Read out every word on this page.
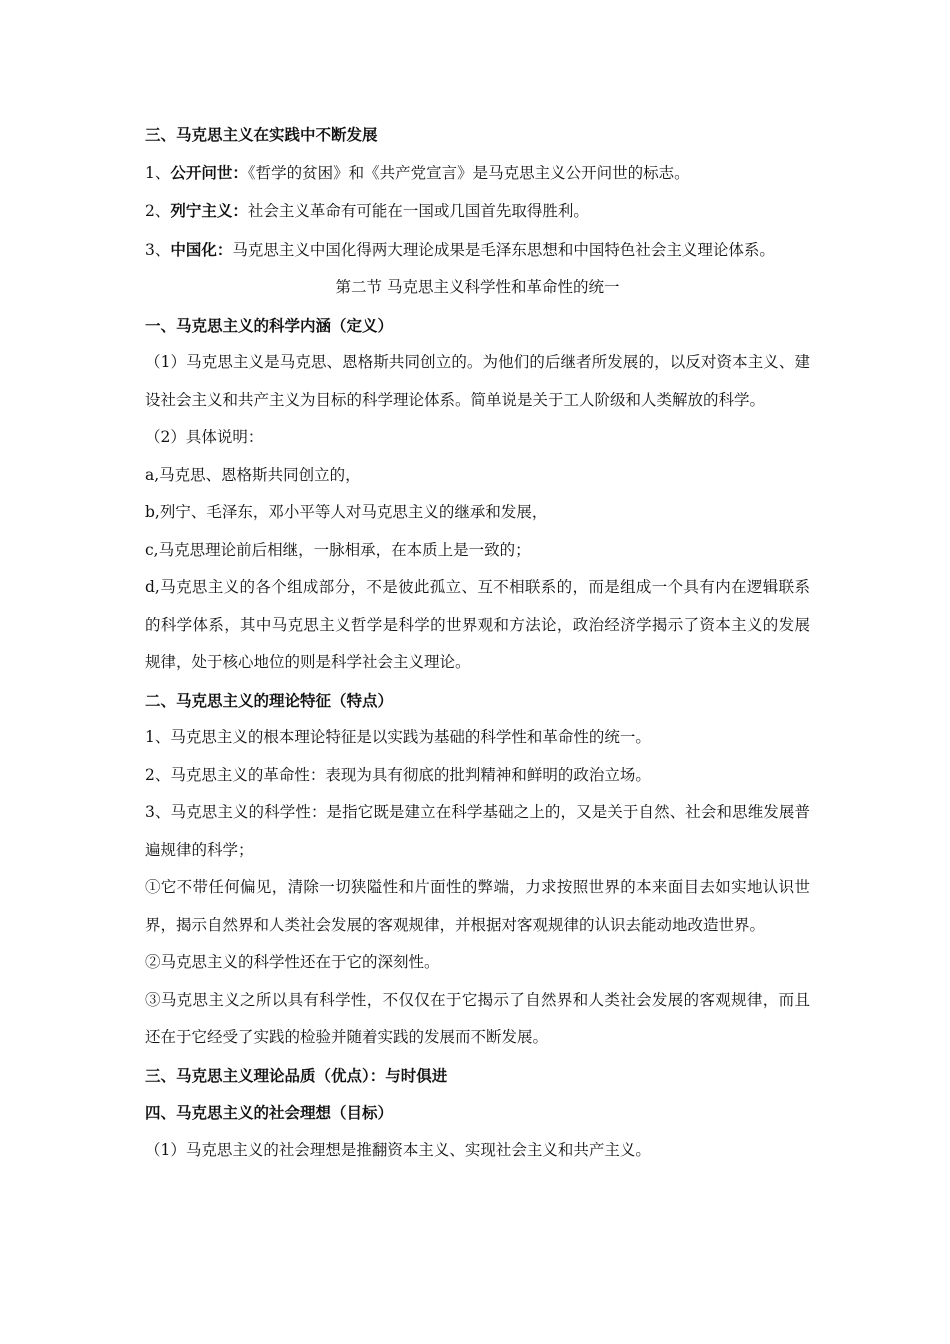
三、马克思主义在实践中不断发展

1、公开问世：《哲学的贫困》和《共产党宣言》是马克思主义公开问世的标志。

2、列宁主义：社会主义革命有可能在一国或几国首先取得胜利。

3、中国化：马克思主义中国化得两大理论成果是毛泽东思想和中国特色社会主义理论体系。

第二节 马克思主义科学性和革命性的统一

一、马克思主义的科学内涵（定义）

（1）马克思主义是马克思、恩格斯共同创立的。为他们的后继者所发展的，以反对资本主义、建设社会主义和共产主义为目标的科学理论体系。简单说是关于工人阶级和人类解放的科学。

（2）具体说明：

a,马克思、恩格斯共同创立的，

b,列宁、毛泽东，邓小平等人对马克思主义的继承和发展，

c,马克思理论前后相继，一脉相承，在本质上是一致的；

d,马克思主义的各个组成部分，不是彼此孤立、互不相联系的，而是组成一个具有内在逻辑联系的科学体系，其中马克思主义哲学是科学的世界观和方法论，政治经济学揭示了资本主义的发展规律，处于核心地位的则是科学社会主义理论。

二、马克思主义的理论特征（特点）

1、马克思主义的根本理论特征是以实践为基础的科学性和革命性的统一。

2、马克思主义的革命性：表现为具有彻底的批判精神和鲜明的政治立场。

3、马克思主义的科学性：是指它既是建立在科学基础之上的，又是关于自然、社会和思维发展普遍规律的科学；

①它不带任何偏见，清除一切狭隘性和片面性的弊端，力求按照世界的本来面目去如实地认识世界，揭示自然界和人类社会发展的客观规律，并根据对客观规律的认识去能动地改造世界。

②马克思主义的科学性还在于它的深刻性。

③马克思主义之所以具有科学性，不仅仅在于它揭示了自然界和人类社会发展的客观规律，而且还在于它经受了实践的检验并随着实践的发展而不断发展。

三、马克思主义理论品质（优点）：与时俱进

四、马克思主义的社会理想（目标）

（1）马克思主义的社会理想是推翻资本主义、实现社会主义和共产主义。
